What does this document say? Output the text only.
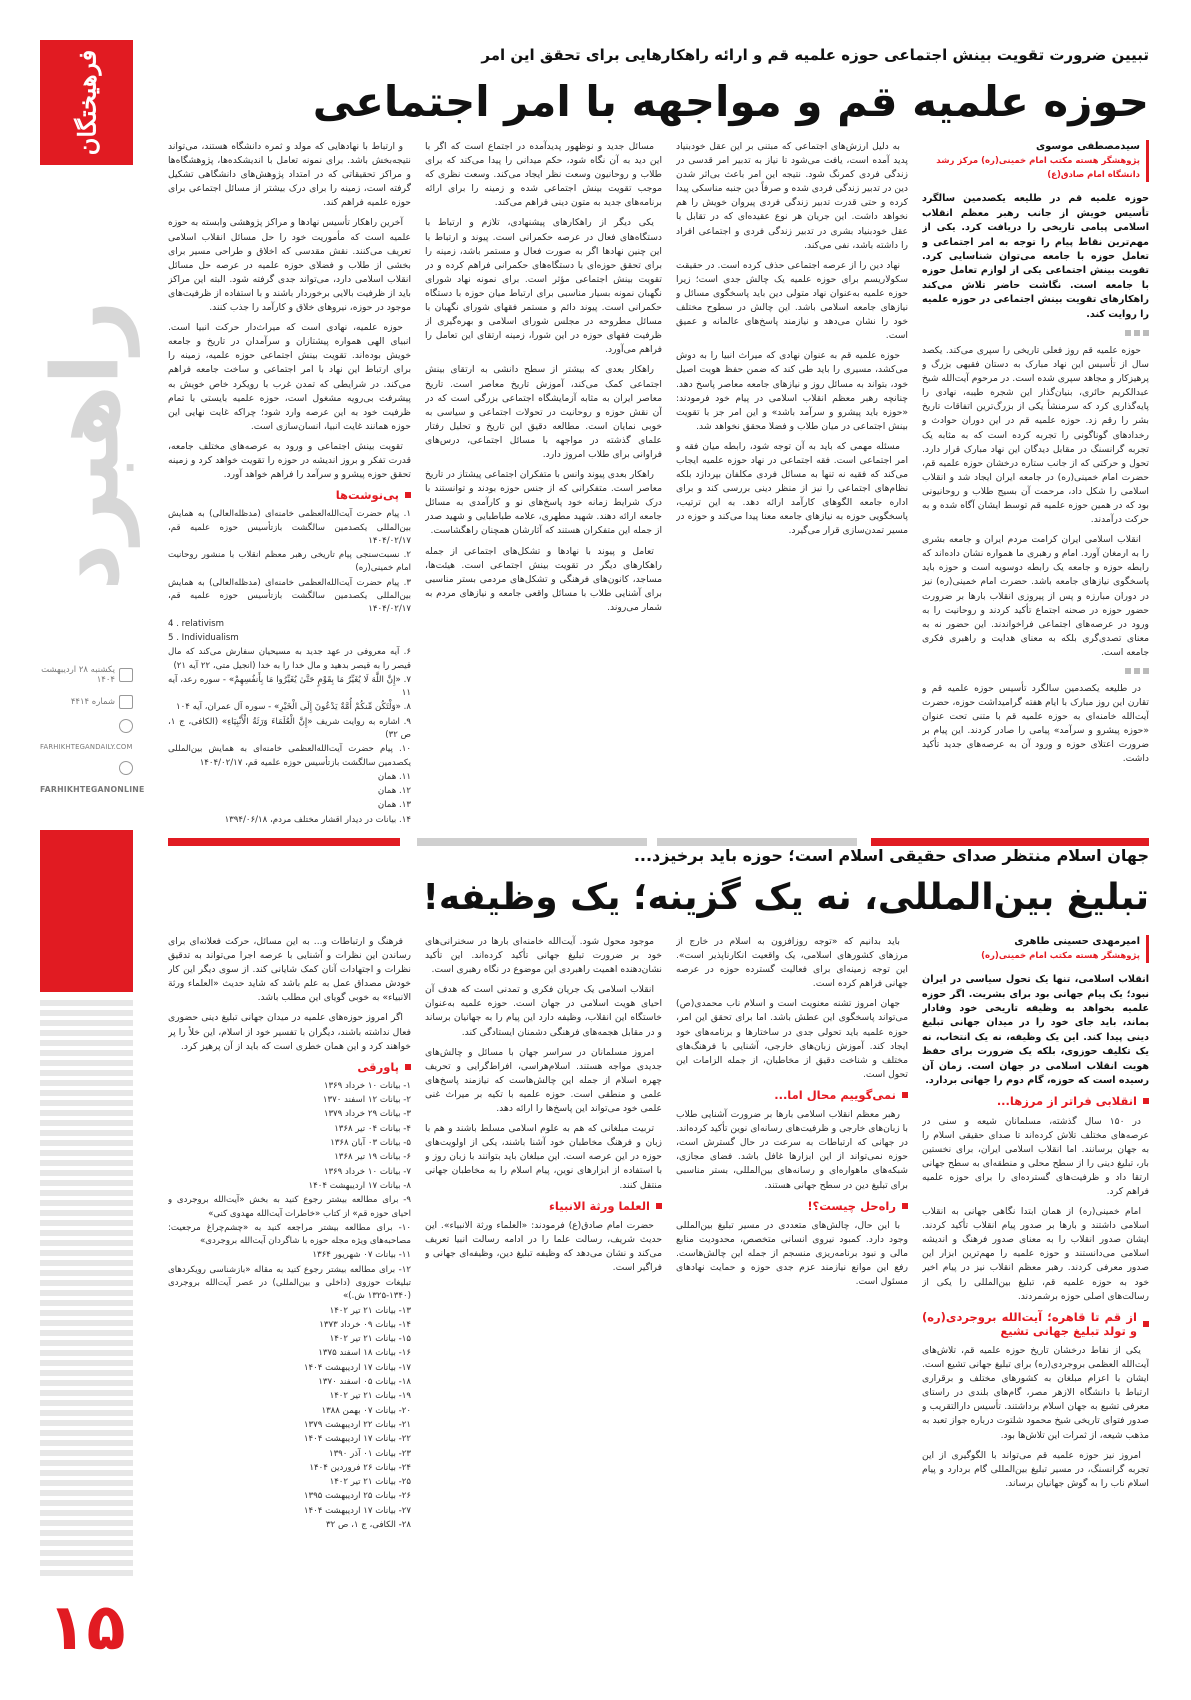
فرهیختگان
راهبرد
یکشنبه ۲۸ اردیبهشت ۱۴۰۴
شماره ۴۴۱۴
FARHIKHTEGANDAILY.COM
FARHIKHTEGANONLINE
۱۵
تبیین ضرورت تقویت بینش اجتماعی حوزه علمیه قم و ارائه راهکارهایی برای تحقق این امر
حوزه علمیه قم و مواجهه با امر اجتماعی
سیدمصطفی موسوی
پژوهشگر هسته مکتب امام خمینی(ره) مرکز رشد دانشگاه امام صادق(ع)
حوزه علمیه قم در طلیعه یکصدمین سالگرد تأسیس خویش از جانب رهبر معظم انقلاب اسلامی پیامی تاریخی را دریافت کرد. یکی از مهم‌ترین نقاط پیام را توجه به امر اجتماعی و تعامل حوزه با جامعه می‌توان شناسایی کرد. تقویت بینش اجتماعی یکی از لوازم تعامل حوزه با جامعه است. نگاشت حاضر تلاش می‌کند راهکارهای تقویت بینش اجتماعی در حوزه علمیه را روایت کند.

حوزه علمیه قم روز فعلی تاریخی را سپری می‌کند. یکصد سال از تأسیس این نهاد مبارک به دستان فقیهی بزرگ و پرهیزکار و مجاهد سپری شده است. در مرحوم آیت‌الله شیخ عبدالکریم حائری، بنیان‌گذار این شجره طیبه، نهادی را پایه‌گذاری کرد که سرمنشأ یکی از بزرگ‌ترین اتفاقات تاریخ بشر را رقم زد. حوزه علمیه قم در این دوران حوادث و رخدادهای گوناگونی را تجربه کرده است که به مثابه یک تجربه گرانسنگ در مقابل دیدگان این نهاد مبارک قرار دارد. تحول و حرکتی که از جانب ستاره درخشان حوزه علمیه قم، حضرت امام خمینی(ره) در جامعه ایران ایجاد شد و انقلاب اسلامی را شکل داد، مرحمت آن بسیج طلاب و روحانیونی بود که در همین حوزه علمیه قم توسط ایشان آگاه شده و به حرکت درآمدند.

انقلاب اسلامی ایران کرامت مردم ایران و جامعه بشری را به ارمغان آورد. امام و رهبری ما همواره نشان داده‌اند که رابطه حوزه و جامعه یک رابطه دوسویه است و حوزه باید پاسخگوی نیازهای جامعه باشد. حضرت امام خمینی(ره) نیز در دوران مبارزه و پس از پیروزی انقلاب بارها بر ضرورت حضور حوزه در صحنه اجتماع تأکید کردند و روحانیت را به ورود در عرصه‌های اجتماعی فراخواندند. این حضور نه به معنای تصدی‌گری بلکه به معنای هدایت و راهبری فکری جامعه است.

در طلیعه یکصدمین سالگرد تأسیس حوزه علمیه قم و تقارن این روز مبارک با ایام هفته گرامیداشت حوزه، حضرت آیت‌الله خامنه‌ای به حوزه علمیه قم با متنی تحت عنوان «حوزه پیشرو و سرآمد» پیامی را صادر کردند. این پیام بر ضرورت اعتلای حوزه و ورود آن به عرصه‌های جدید تأکید داشت.

به دلیل ارزش‌های اجتماعی که مبتنی بر این عقل خودبنیاد پدید آمده است، یافت می‌شود تا نیاز به تدبیر امر قدسی در زندگی فردی کمرنگ شود. نتیجه این امر باعث بی‌اثر شدن دین در تدبیر زندگی فردی شده و صرفاً دین جنبه مناسکی پیدا کرده و حتی قدرت تدبیر زندگی فردی پیروان خویش را هم نخواهد داشت. این جریان هر نوع عقیده‌ای که در تقابل با عقل خودبنیاد بشری در تدبیر زندگی فردی و اجتماعی افراد را داشته باشد، نفی می‌کند.

نهاد دین را از عرصه اجتماعی حذف کرده است. در حقیقت سکولاریسم برای حوزه علمیه یک چالش جدی است؛ زیرا حوزه علمیه به‌عنوان نهاد متولی دین باید پاسخگوی مسائل و نیازهای جامعه اسلامی باشد. این چالش در سطوح مختلف خود را نشان می‌دهد و نیازمند پاسخ‌های عالمانه و عمیق است.

حوزه علمیه قم به عنوان نهادی که میراث انبیا را به دوش می‌کشد، مسیری را باید طی کند که ضمن حفظ هویت اصیل خود، بتواند به مسائل روز و نیازهای جامعه معاصر پاسخ دهد. چنانچه رهبر معظم انقلاب اسلامی در پیام خود فرمودند: «حوزه باید پیشرو و سرآمد باشد» و این امر جز با تقویت بینش اجتماعی در میان طلاب و فضلا محقق نخواهد شد.

مسئله مهمی که باید به آن توجه شود، رابطه میان فقه و امر اجتماعی است. فقه اجتماعی در نهاد حوزه علمیه ایجاب می‌کند که فقیه نه تنها به مسائل فردی مکلفان بپردازد بلکه نظام‌های اجتماعی را نیز از منظر دینی بررسی کند و برای اداره جامعه الگوهای کارآمد ارائه دهد. به این ترتیب، پاسخگویی حوزه به نیازهای جامعه معنا پیدا می‌کند و حوزه در مسیر تمدن‌سازی قرار می‌گیرد.

مسائل جدید و نوظهور پدیدآمده در اجتماع است که اگر با این دید به آن نگاه شود، حکم میدانی را پیدا می‌کند که برای طلاب و روحانیون وسعت نظر ایجاد می‌کند. وسعت نظری که موجب تقویت بینش اجتماعی شده و زمینه را برای ارائه برنامه‌های جدید به متون دینی فراهم می‌کند.

یکی دیگر از راهکارهای پیشنهادی، تلازم و ارتباط با دستگاه‌های فعال در عرصه حکمرانی است. پیوند و ارتباط با این چنین نهادها اگر به صورت فعال و مستمر باشد، زمینه را برای تحقق حوزه‌ای با دستگاه‌های حکمرانی فراهم کرده و در تقویت بینش اجتماعی مؤثر است. برای نمونه نهاد شورای نگهبان نمونه بسیار مناسبی برای ارتباط میان حوزه با دستگاه حکمرانی است. پیوند دائم و مستمر فقهای شورای نگهبان با مسائل مطروحه در مجلس شورای اسلامی و بهره‌گیری از ظرفیت فقهای حوزه در این شورا، زمینه ارتقای این تعامل را فراهم می‌آورد.

راهکار بعدی که بیشتر از سطح دانشی به ارتقای بینش اجتماعی کمک می‌کند، آموزش تاریخ معاصر است. تاریخ معاصر ایران به مثابه آزمایشگاه اجتماعی بزرگی است که در آن نقش حوزه و روحانیت در تحولات اجتماعی و سیاسی به خوبی نمایان است. مطالعه دقیق این تاریخ و تحلیل رفتار علمای گذشته در مواجهه با مسائل اجتماعی، درس‌های فراوانی برای طلاب امروز دارد.

راهکار بعدی پیوند وانس با متفکران اجتماعی پیشتاز در تاریخ معاصر است. متفکرانی که از جنس حوزه بودند و توانستند با درک شرایط زمانه خود پاسخ‌های نو و کارآمدی به مسائل جامعه ارائه دهند. شهید مطهری، علامه طباطبایی و شهید صدر از جمله این متفکران هستند که آثارشان همچنان راهگشاست.

تعامل و پیوند با نهادها و تشکل‌های اجتماعی از جمله راهکارهای دیگر در تقویت بینش اجتماعی است. هیئت‌ها، مساجد، کانون‌های فرهنگی و تشکل‌های مردمی بستر مناسبی برای آشنایی طلاب با مسائل واقعی جامعه و نیازهای مردم به شمار می‌روند.

و ارتباط با نهادهایی که مولد و ثمره دانشگاه هستند، می‌تواند نتیجه‌بخش باشد. برای نمونه تعامل با اندیشکده‌ها، پژوهشگاه‌ها و مراکز تحقیقاتی که در امتداد پژوهش‌های دانشگاهی تشکیل گرفته است، زمینه را برای درک بیشتر از مسائل اجتماعی برای حوزه علمیه فراهم کند.

آخرین راهکار تأسیس نهادها و مراکز پژوهشی وابسته به حوزه علمیه است که مأموریت خود را حل مسائل انقلاب اسلامی تعریف می‌کنند. نقش مقدسی که اخلاق و طراحی مسیر برای بخشی از طلاب و فضلای حوزه علمیه در عرصه حل مسائل انقلاب اسلامی دارد، می‌تواند جدی گرفته شود. البته این مراکز باید از ظرفیت بالایی برخوردار باشند و با استفاده از ظرفیت‌های موجود در حوزه، نیروهای خلاق و کارآمد را جذب کنند.

حوزه علمیه، نهادی است که میراث‌دار حرکت انبیا است. انبیای الهی همواره پیشتازان و سرآمدان در تاریخ و جامعه خویش بوده‌اند. تقویت بینش اجتماعی حوزه علمیه، زمینه را برای ارتباط این نهاد با امر اجتماعی و ساخت جامعه فراهم می‌کند. در شرایطی که تمدن غرب با رویکرد خاص خویش به پیشرفت بی‌رویه مشغول است، حوزه علمیه بایستی با تمام ظرفیت خود به این عرصه وارد شود؛ چراکه غایت نهایی این حوزه همانند غایت انبیا، انسان‌سازی است.

تقویت بینش اجتماعی و ورود به عرصه‌های مختلف جامعه، قدرت تفکر و بروز اندیشه در حوزه را تقویت خواهد کرد و زمینه تحقق حوزه پیشرو و سرآمد را فراهم خواهد آورد.

پی‌نوشت‌ها
۱. پیام حضرت آیت‌الله‌العظمی خامنه‌ای (مدظله‌العالی) به همایش بین‌المللی یکصدمین سالگشت بازتأسیس حوزه علمیه قم، ۱۴۰۴/۰۲/۱۷
۲. نسبت‌سنجی پیام تاریخی رهبر معظم انقلاب با منشور روحانیت امام خمینی(ره)
۳. پیام حضرت آیت‌الله‌العظمی خامنه‌ای (مدظله‌العالی) به همایش بین‌المللی یکصدمین سالگشت بازتأسیس حوزه علمیه قم، ۱۴۰۴/۰۲/۱۷
4 . relativism
5 . Individualism
۶. آیه معروفی در عهد جدید به مسیحیان سفارش می‌کند که مال قیصر را به قیصر بدهید و مال خدا را به خدا (انجیل متی، ۲۲ آیه ۲۱)
۷. «إِنَّ اللَّهَ لَا یُغَیِّرُ مَا بِقَوْمٍ حَتَّىٰ یُغَیِّرُوا مَا بِأَنفُسِهِمْ» - سوره رعد، آیه ۱۱
۸. «وَلْتَكُن مِّنكُمْ أُمَّةٌ يَدْعُونَ إِلَى الْخَيْرِ» - سوره آل عمران، آیه ۱۰۴
۹. اشاره به روایت شریف «إِنَّ الْعُلَمَاءَ وَرَثَةُ الْأَنْبِيَاءِ» (الکافی، ج ۱، ص ۳۲)
۱۰. پیام حضرت آیت‌الله‌العظمی خامنه‌ای به همایش بین‌المللی یکصدمین سالگشت بازتأسیس حوزه علمیه قم، ۱۴۰۴/۰۲/۱۷
۱۱. همان
۱۲. همان
۱۳. همان
۱۴. بیانات در دیدار اقشار مختلف مردم، ۱۳۹۴/۰۶/۱۸
جهان اسلام منتظر صدای حقیقی اسلام است؛ حوزه باید برخیزد...
تبلیغ بین‌المللی، نه یک گزینه؛ یک وظیفه!
امیرمهدی حسینی طاهری
پژوهشگر هسته مکتب امام خمینی(ره)
انقلاب اسلامی، تنها یک تحول سیاسی در ایران نبود؛ یک پیام جهانی بود برای بشریت. اگر حوزه علمیه بخواهد به وظیفه تاریخی خود وفادار بماند، باید جای خود را در میدان جهانی تبلیغ دینی پیدا کند. این یک وظیفه، نه یک انتخاب، نه یک تکلیف حوزوی، بلکه یک ضرورت برای حفظ هویت انقلاب اسلامی در جهان است. زمان آن رسیده است که حوزه، گام دوم را جهانی بردارد.
انقلابی فراتر از مرزها...

در ۱۵۰ سال گذشته، مسلمانان شیعه و سنی در عرصه‌های مختلف تلاش کرده‌اند تا صدای حقیقی اسلام را به جهان برسانند. اما انقلاب اسلامی ایران، برای نخستین بار، تبلیغ دینی را از سطح محلی و منطقه‌ای به سطح جهانی ارتقا داد و ظرفیت‌های گسترده‌ای را برای حوزه علمیه فراهم کرد.

امام خمینی(ره) از همان ابتدا نگاهی جهانی به انقلاب اسلامی داشتند و بارها بر صدور پیام انقلاب تأکید کردند. ایشان صدور انقلاب را به معنای صدور فرهنگ و اندیشه اسلامی می‌دانستند و حوزه علمیه را مهم‌ترین ابزار این صدور معرفی کردند. رهبر معظم انقلاب نیز در پیام اخیر خود به حوزه علمیه قم، تبلیغ بین‌المللی را یکی از رسالت‌های اصلی حوزه برشمردند.

از قم تا قاهره؛ آیت‌الله بروجردی(ره) و تولد تبلیغ جهانی تشیع

یکی از نقاط درخشان تاریخ حوزه علمیه قم، تلاش‌های آیت‌الله العظمی بروجردی(ره) برای تبلیغ جهانی تشیع است. ایشان با اعزام مبلغان به کشورهای مختلف و برقراری ارتباط با دانشگاه الازهر مصر، گام‌های بلندی در راستای معرفی تشیع به جهان اسلام برداشتند. تأسیس دارالتقریب و صدور فتوای تاریخی شیخ محمود شلتوت درباره جواز تعبد به مذهب شیعه، از ثمرات این تلاش‌ها بود.

امروز نیز حوزه علمیه قم می‌تواند با الگوگیری از این تجربه گرانسنگ، در مسیر تبلیغ بین‌المللی گام بردارد و پیام اسلام ناب را به گوش جهانیان برساند.

باید بدانیم که «توجه روزافزون به اسلام در خارج از مرزهای کشورهای اسلامی، یک واقعیت انکارناپذیر است». این توجه زمینه‌ای برای فعالیت گسترده حوزه در عرصه جهانی فراهم کرده است.

جهان امروز تشنه معنویت است و اسلام ناب محمدی(ص) می‌تواند پاسخگوی این عطش باشد. اما برای تحقق این امر، حوزه علمیه باید تحولی جدی در ساختارها و برنامه‌های خود ایجاد کند. آموزش زبان‌های خارجی، آشنایی با فرهنگ‌های مختلف و شناخت دقیق از مخاطبان، از جمله الزامات این تحول است.

نمی‌گوییم محال اما...

رهبر معظم انقلاب اسلامی بارها بر ضرورت آشنایی طلاب با زبان‌های خارجی و ظرفیت‌های رسانه‌ای نوین تأکید کرده‌اند. در جهانی که ارتباطات به سرعت در حال گسترش است، حوزه نمی‌تواند از این ابزارها غافل باشد. فضای مجازی، شبکه‌های ماهواره‌ای و رسانه‌های بین‌المللی، بستر مناسبی برای تبلیغ دین در سطح جهانی هستند.

راه‌حل چیست؟!

با این حال، چالش‌های متعددی در مسیر تبلیغ بین‌المللی وجود دارد. کمبود نیروی انسانی متخصص، محدودیت منابع مالی و نبود برنامه‌ریزی منسجم از جمله این چالش‌هاست. رفع این موانع نیازمند عزم جدی حوزه و حمایت نهادهای مسئول است.

موجود محول شود. آیت‌الله خامنه‌ای بارها در سخنرانی‌های خود بر ضرورت تبلیغ جهانی تأکید کرده‌اند. این تأکید نشان‌دهنده اهمیت راهبردی این موضوع در نگاه رهبری است.

انقلاب اسلامی یک جریان فکری و تمدنی است که هدف آن احیای هویت اسلامی در جهان است. حوزه علمیه به‌عنوان خاستگاه این انقلاب، وظیفه دارد این پیام را به جهانیان برساند و در مقابل هجمه‌های فرهنگی دشمنان ایستادگی کند.

امروز مسلمانان در سراسر جهان با مسائل و چالش‌های جدیدی مواجه هستند. اسلام‌هراسی، افراط‌گرایی و تحریف چهره اسلام از جمله این چالش‌هاست که نیازمند پاسخ‌های علمی و منطقی است. حوزه علمیه با تکیه بر میراث غنی علمی خود می‌تواند این پاسخ‌ها را ارائه دهد.

تربیت مبلغانی که هم به علوم اسلامی مسلط باشند و هم با زبان و فرهنگ مخاطبان خود آشنا باشند، یکی از اولویت‌های حوزه در این عرصه است. این مبلغان باید بتوانند با زبان روز و با استفاده از ابزارهای نوین، پیام اسلام را به مخاطبان جهانی منتقل کنند.

العلما ورثة الانبیاء

حضرت امام صادق(ع) فرمودند: «العلماء ورثة الانبیاء». این حدیث شریف، رسالت علما را در ادامه رسالت انبیا تعریف می‌کند و نشان می‌دهد که وظیفه تبلیغ دین، وظیفه‌ای جهانی و فراگیر است.

فرهنگ و ارتباطات و... به این مسائل، حرکت فعلانه‌ای برای رساندن این نظرات و آشنایی با عرصه اجرا می‌تواند به تدقیق نظرات و اجتهادات آنان کمک شایانی کند. از سوی دیگر این کار خودش مصداق عمل به علم باشد که شاید حدیث «العلماء ورثة الانبیاء» به خوبی گویای این مطلب باشد.

اگر امروز حوزه‌های علمیه در میدان جهانی تبلیغ دینی حضوری فعال نداشته باشند، دیگران با تفسیر خود از اسلام، این خلأ را پر خواهند کرد و این همان خطری است که باید از آن پرهیز کرد.

پاورقی
۱- بیانات ۱۰ خرداد ۱۳۶۹
۲- بیانات ۱۲ اسفند ۱۳۷۰
۳- بیانات ۲۹ خرداد ۱۳۷۹
۴- بیانات ۰۴ تیر ۱۳۶۸
۵- بیانات ۰۳ آبان ۱۳۶۸
۶- بیانات ۱۹ تیر ۱۳۶۸
۷- بیانات ۱۰ خرداد ۱۳۶۹
۸- بیانات ۱۷ اردیبهشت ۱۴۰۴
۹- برای مطالعه بیشتر رجوع کنید به بخش «آیت‌الله بروجردی و احیای حوزه قم» از کتاب «خاطرات آیت‌الله مهدوی کنی»
۱۰- برای مطالعه بیشتر مراجعه کنید به «چشم‌چراغ مرجعیت: مصاحبه‌های ویژه مجله حوزه با شاگردان آیت‌الله بروجردی»
۱۱- بیانات ۰۷ شهریور ۱۳۶۴
۱۲- برای مطالعه بیشتر رجوع کنید به مقاله «بازشناسی رویکردهای تبلیغات حوزوی (داخلی و بین‌المللی) در عصر آیت‌الله بروجردی (۱۳۴۰-۱۳۲۵ ش.)»
۱۳- بیانات ۲۱ تیر ۱۴۰۲
۱۴- بیانات ۰۹ خرداد ۱۳۷۳
۱۵- بیانات ۲۱ تیر ۱۴۰۲
۱۶- بیانات ۱۸ اسفند ۱۳۷۵
۱۷- بیانات ۱۷ اردیبهشت ۱۴۰۴
۱۸- بیانات ۰۵ اسفند ۱۳۷۰
۱۹- بیانات ۲۱ تیر ۱۴۰۲
۲۰- بیانات ۰۷ بهمن ۱۳۸۸
۲۱- بیانات ۲۲ اردیبهشت ۱۳۷۹
۲۲- بیانات ۱۷ اردیبهشت ۱۴۰۴
۲۳- بیانات ۰۱ آذر ۱۳۹۰
۲۴- بیانات ۲۶ فروردین ۱۴۰۴
۲۵- بیانات ۲۱ تیر ۱۴۰۲
۲۶- بیانات ۲۵ اردیبهشت ۱۳۹۵
۲۷- بیانات ۱۷ اردیبهشت ۱۴۰۴
۲۸- الکافی، ج ۱، ص ۳۲
